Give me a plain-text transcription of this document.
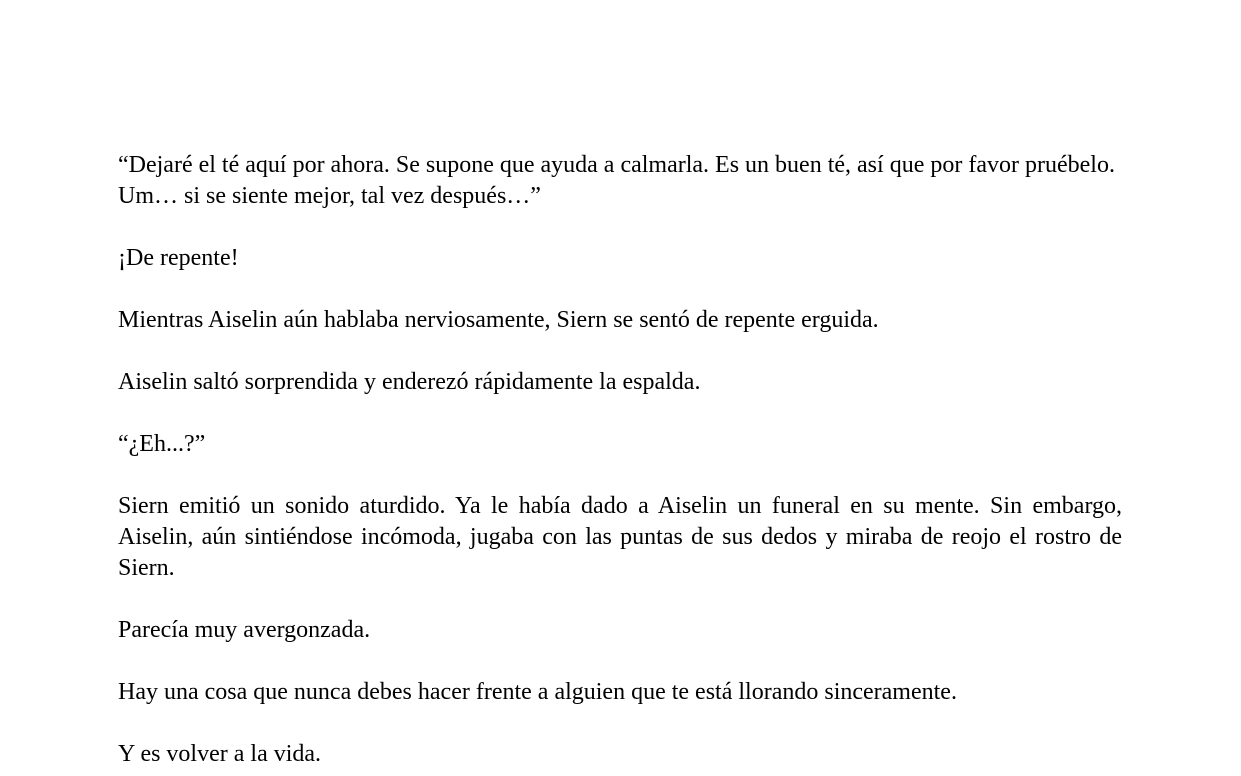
“Dejaré el té aquí por ahora. Se supone que ayuda a calmarla. Es un buen té, así que por favor pruébelo. Um… si se siente mejor, tal vez después…”

¡De repente!

Mientras Aiselin aún hablaba nerviosamente, Siern se sentó de repente erguida.

Aiselin saltó sorprendida y enderezó rápidamente la espalda.

“¿Eh...?”

Siern emitió un sonido aturdido. Ya le había dado a Aiselin un funeral en su mente. Sin embargo, Aiselin, aún sintiéndose incómoda, jugaba con las puntas de sus dedos y miraba de reojo el rostro de Siern.

Parecía muy avergonzada.

Hay una cosa que nunca debes hacer frente a alguien que te está llorando sinceramente.

Y es volver a la vida.
